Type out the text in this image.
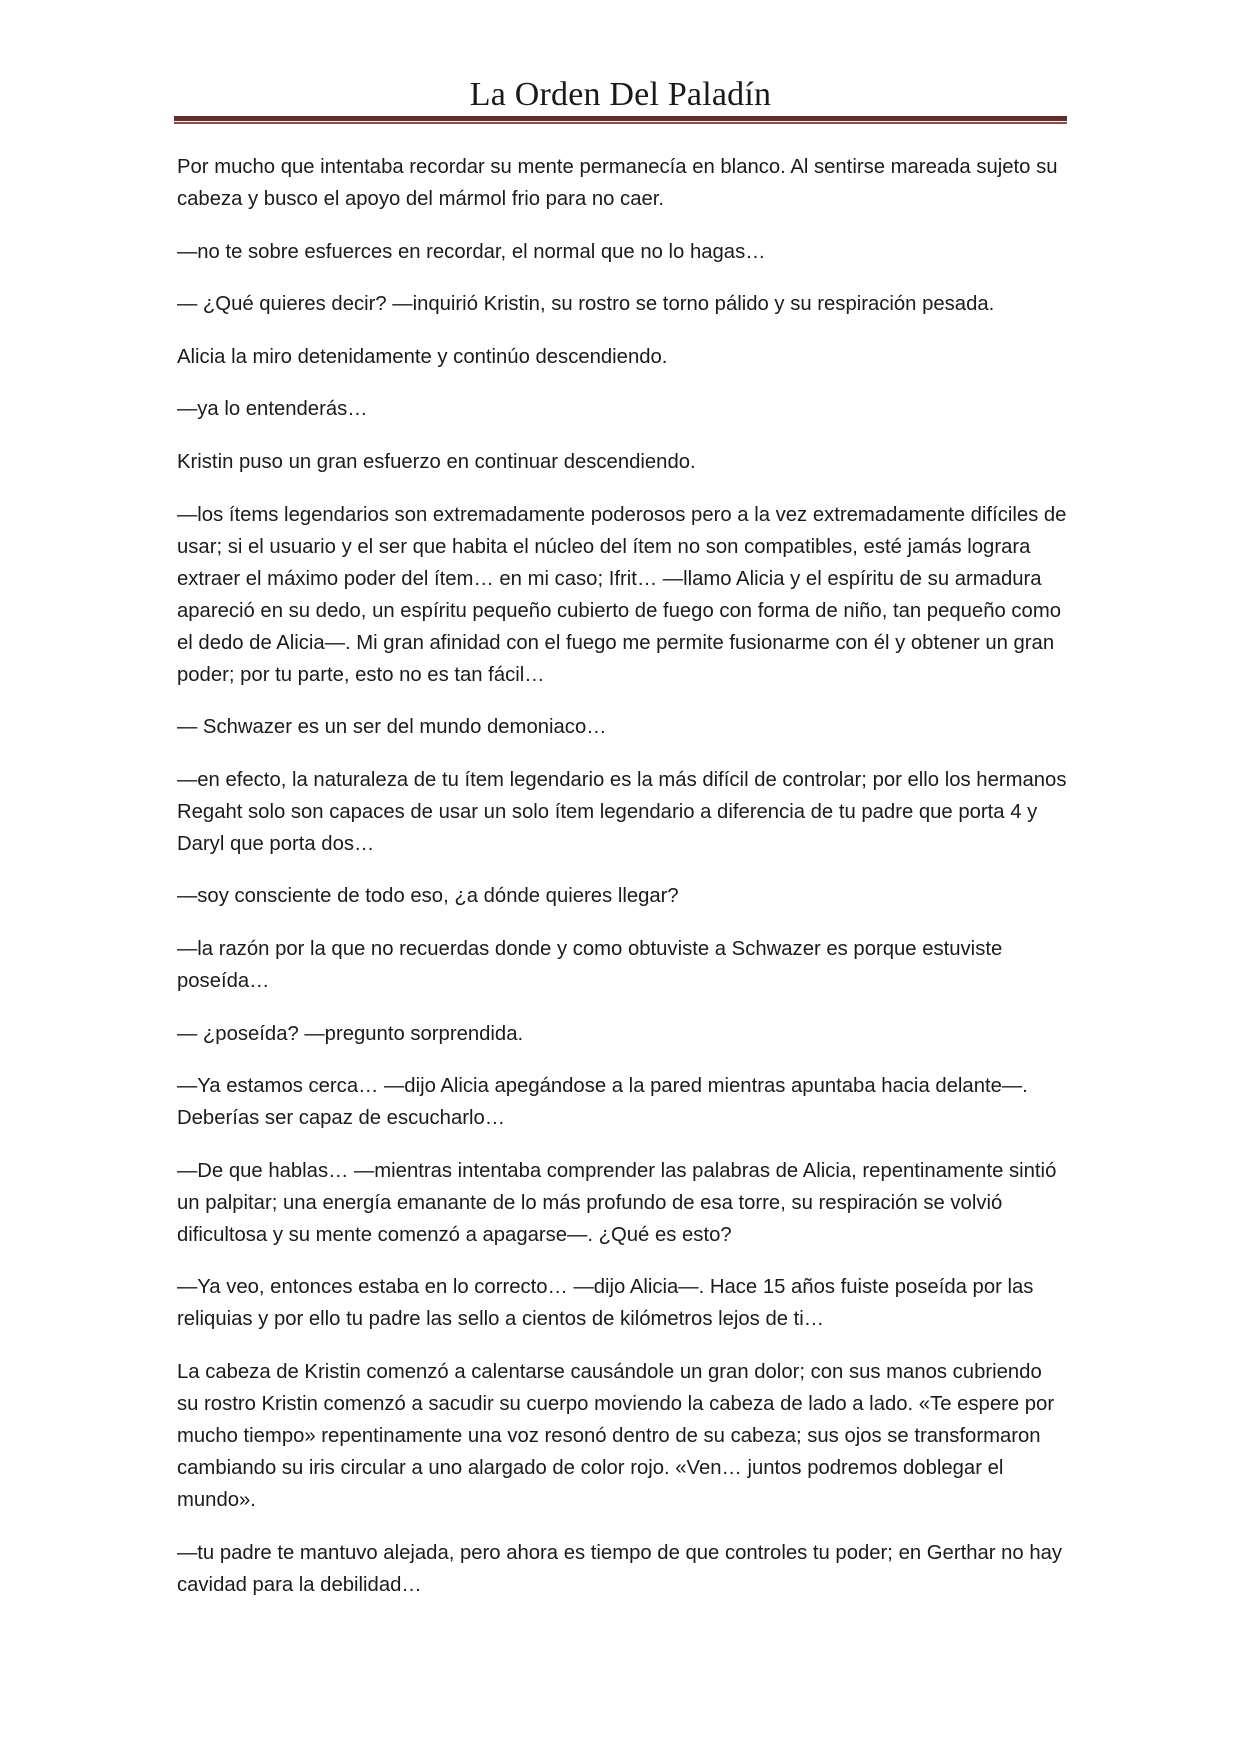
La Orden Del Paladín

Por mucho que intentaba recordar su mente permanecía en blanco. Al sentirse mareada sujeto su cabeza y busco el apoyo del mármol frio para no caer.

—no te sobre esfuerces en recordar, el normal que no lo hagas…

— ¿Qué quieres decir? —inquirió Kristin, su rostro se torno pálido y su respiración pesada.

Alicia la miro detenidamente y continúo descendiendo.

—ya lo entenderás…

Kristin puso un gran esfuerzo en continuar descendiendo.

—los ítems legendarios son extremadamente poderosos pero a la vez extremadamente difíciles de usar; si el usuario y el ser que habita el núcleo del ítem no son compatibles, esté jamás lograra extraer el máximo poder del ítem… en mi caso; Ifrit… —llamo Alicia y el espíritu de su armadura apareció en su dedo, un espíritu pequeño cubierto de fuego con forma de niño, tan pequeño como el dedo de Alicia—. Mi gran afinidad con el fuego me permite fusionarme con él y obtener un gran poder; por tu parte, esto no es tan fácil…

— Schwazer es un ser del mundo demoniaco…

—en efecto, la naturaleza de tu ítem legendario es la más difícil de controlar; por ello los hermanos Regaht solo son capaces de usar un solo ítem legendario a diferencia de tu padre que porta 4 y Daryl que porta dos…

—soy consciente de todo eso, ¿a dónde quieres llegar?

—la razón por la que no recuerdas donde y como obtuviste a Schwazer es porque estuviste poseída…

— ¿poseída? —pregunto sorprendida.

—Ya estamos cerca… —dijo Alicia apegándose a la pared mientras apuntaba hacia delante—. Deberías ser capaz de escucharlo…

—De que hablas… —mientras intentaba comprender las palabras de Alicia, repentinamente sintió un palpitar; una energía emanante de lo más profundo de esa torre, su respiración se volvió dificultosa y su mente comenzó a apagarse—. ¿Qué es esto?

—Ya veo, entonces estaba en lo correcto… —dijo Alicia—. Hace 15 años fuiste poseída por las reliquias y por ello tu padre las sello a cientos de kilómetros lejos de ti…

La cabeza de Kristin comenzó a calentarse causándole un gran dolor; con sus manos cubriendo su rostro Kristin comenzó a sacudir su cuerpo moviendo la cabeza de lado a lado. «Te espere por mucho tiempo» repentinamente una voz resonó dentro de su cabeza; sus ojos se transformaron cambiando su iris circular a uno alargado de color rojo. «Ven… juntos podremos doblegar el mundo».

—tu padre te mantuvo alejada, pero ahora es tiempo de que controles tu poder; en Gerthar no hay cavidad para la debilidad…
